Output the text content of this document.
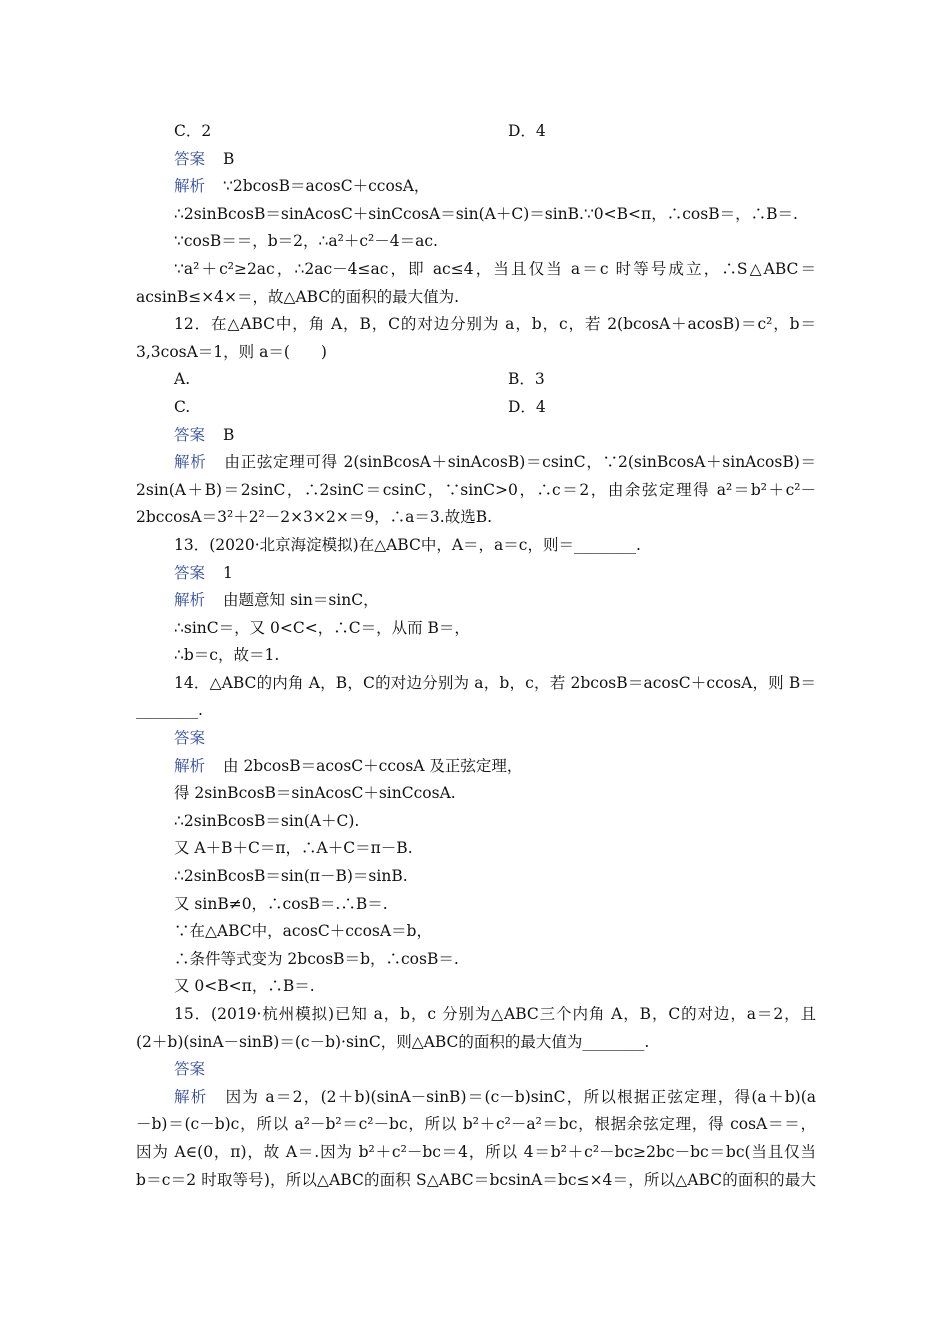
C．2	D．4
答案 B
解析 ∵2bcosB＝acosC＋ccosA，
∴2sinBcosB＝sinAcosC＋sinCcosA＝sin(A＋C)＝sinB.∵0<B<π，∴cosB＝，∴B＝.
∵cosB＝＝，b＝2，∴a²＋c²－4＝ac.
∵a²＋c²≥2ac，∴2ac－4≤ac，即 ac≤4，当且仅当 a＝c 时等号成立，∴S△ABC＝
acsinB≤×4×＝，故△ABC的面积的最大值为.
12．在△ABC中，角 A，B，C的对边分别为 a，b，c，若 2(bcosA＋acosB)＝c²，b＝
3,3cosA＝1，则 a＝(　　)
A.	B．3
C.	D．4
答案 B
解析 由正弦定理可得 2(sinBcosA＋sinAcosB)＝csinC，∵2(sinBcosA＋sinAcosB)＝
2sin(A＋B)＝2sinC，∴2sinC＝csinC，∵sinC>0，∴c＝2，由余弦定理得 a²＝b²＋c²－
2bccosA＝3²＋2²－2×3×2×＝9，∴a＝3.故选B.
13．(2020·北京海淀模拟)在△ABC中，A＝，a＝c，则＝________.
答案 1
解析 由题意知 sin＝sinC，
∴sinC＝，又 0<C<，∴C＝，从而 B＝，
∴b＝c，故＝1.
14．△ABC的内角 A，B，C的对边分别为 a，b，c，若 2bcosB＝acosC＋ccosA，则 B＝
________.
答案
解析 由 2bcosB＝acosC＋ccosA 及正弦定理，
得 2sinBcosB＝sinAcosC＋sinCcosA.
∴2sinBcosB＝sin(A＋C).
又 A＋B＋C＝π，∴A＋C＝π－B.
∴2sinBcosB＝sin(π－B)＝sinB.
又 sinB≠0，∴cosB＝.∴B＝.
∵在△ABC中，acosC＋ccosA＝b，
∴条件等式变为 2bcosB＝b，∴cosB＝.
又 0<B<π，∴B＝.
15．(2019·杭州模拟)已知 a，b，c 分别为△ABC三个内角 A，B，C的对边，a＝2，且
(2＋b)(sinA－sinB)＝(c－b)·sinC，则△ABC的面积的最大值为________.
答案
解析 因为 a＝2，(2＋b)(sinA－sinB)＝(c－b)sinC，所以根据正弦定理，得(a＋b)(a
－b)＝(c－b)c，所以 a²－b²＝c²－bc，所以 b²＋c²－a²＝bc，根据余弦定理，得 cosA＝＝，
因为 A∈(0，π)，故 A＝.因为 b²＋c²－bc＝4，所以 4＝b²＋c²－bc≥2bc－bc＝bc(当且仅当
b＝c＝2 时取等号)，所以△ABC的面积 S△ABC＝bcsinA＝bc≤×4＝，所以△ABC的面积的最大
